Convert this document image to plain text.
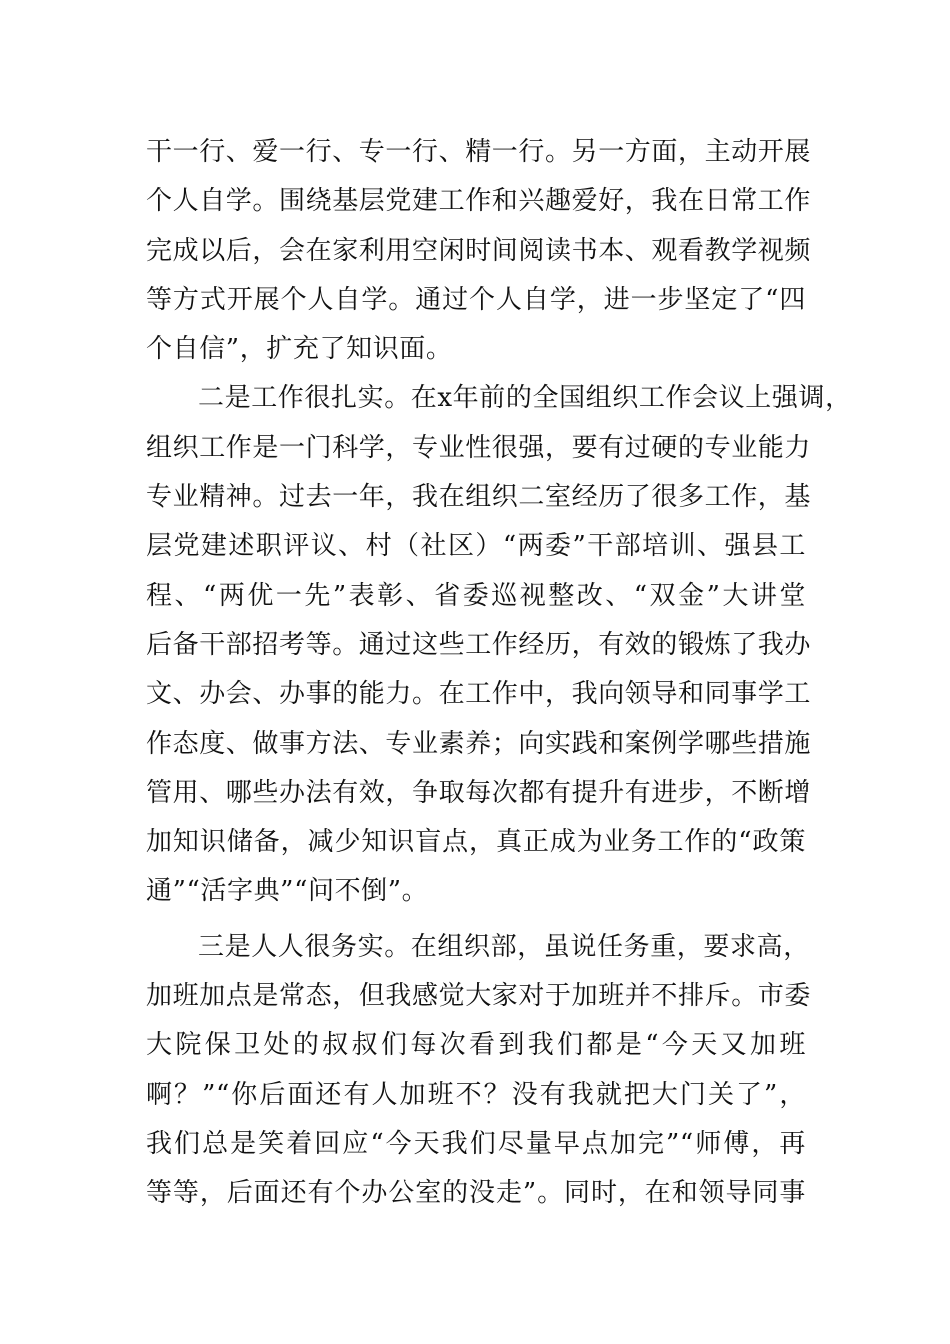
干一行、爱一行、专一行、精一行。另一方面，主动开展
个人自学。围绕基层党建工作和兴趣爱好，我在日常工作
完成以后，会在家利用空闲时间阅读书本、观看教学视频
等方式开展个人自学。通过个人自学，进一步坚定了“四
个自信”，扩充了知识面。
二是工作很扎实。在x年前的全国组织工作会议上强调，
组织工作是一门科学，专业性很强，要有过硬的专业能力
专业精神。过去一年，我在组织二室经历了很多工作，基
层党建述职评议、村（社区）“两委”干部培训、强县工
程、“两优一先”表彰、省委巡视整改、“双金”大讲堂
后备干部招考等。通过这些工作经历，有效的锻炼了我办
文、办会、办事的能力。在工作中，我向领导和同事学工
作态度、做事方法、专业素养；向实践和案例学哪些措施
管用、哪些办法有效，争取每次都有提升有进步，不断增
加知识储备，减少知识盲点，真正成为业务工作的“政策
通”“活字典”“问不倒”。
三是人人很务实。在组织部，虽说任务重，要求高，
加班加点是常态，但我感觉大家对于加班并不排斥。市委
大院保卫处的叔叔们每次看到我们都是“今天又加班
啊？”“你后面还有人加班不？没有我就把大门关了”，
我们总是笑着回应“今天我们尽量早点加完”“师傅，再
等等，后面还有个办公室的没走”。同时，在和领导同事
